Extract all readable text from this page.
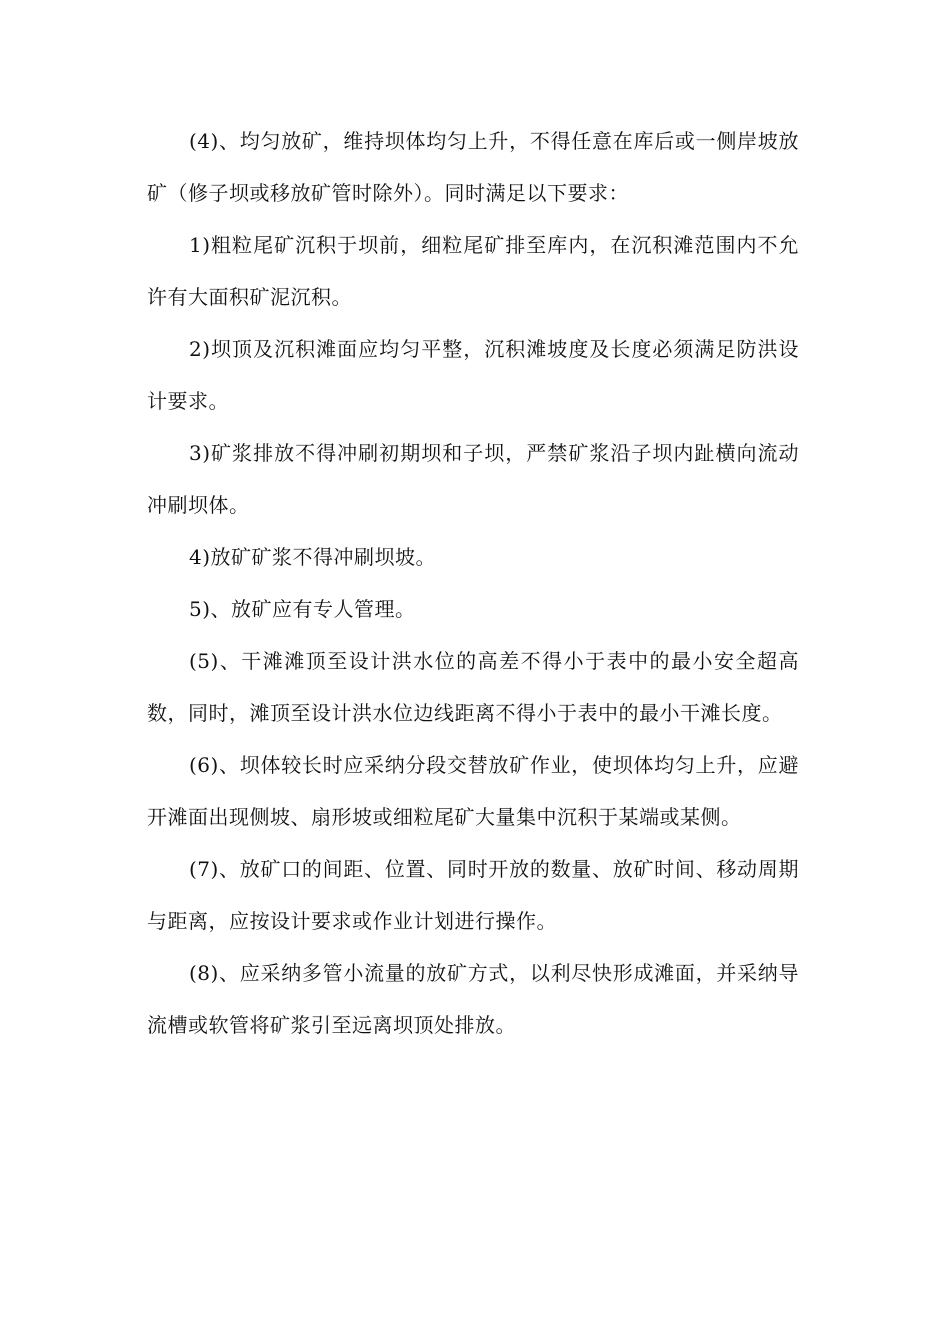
(4)、均匀放矿，维持坝体均匀上升，不得任意在库后或一侧岸坡放矿（修子坝或移放矿管时除外）。同时满足以下要求：

1)粗粒尾矿沉积于坝前，细粒尾矿排至库内，在沉积滩范围内不允许有大面积矿泥沉积。

2)坝顶及沉积滩面应均匀平整，沉积滩坡度及长度必须满足防洪设计要求。

3)矿浆排放不得冲刷初期坝和子坝，严禁矿浆沿子坝内趾横向流动冲刷坝体。

4)放矿矿浆不得冲刷坝坡。

5)、放矿应有专人管理。

(5)、干滩滩顶至设计洪水位的高差不得小于表中的最小安全超高数，同时，滩顶至设计洪水位边线距离不得小于表中的最小干滩长度。

(6)、坝体较长时应采纳分段交替放矿作业，使坝体均匀上升，应避开滩面出现侧坡、扇形坡或细粒尾矿大量集中沉积于某端或某侧。

(7)、放矿口的间距、位置、同时开放的数量、放矿时间、移动周期与距离，应按设计要求或作业计划进行操作。

(8)、应采纳多管小流量的放矿方式，以利尽快形成滩面，并采纳导流槽或软管将矿浆引至远离坝顶处排放。
